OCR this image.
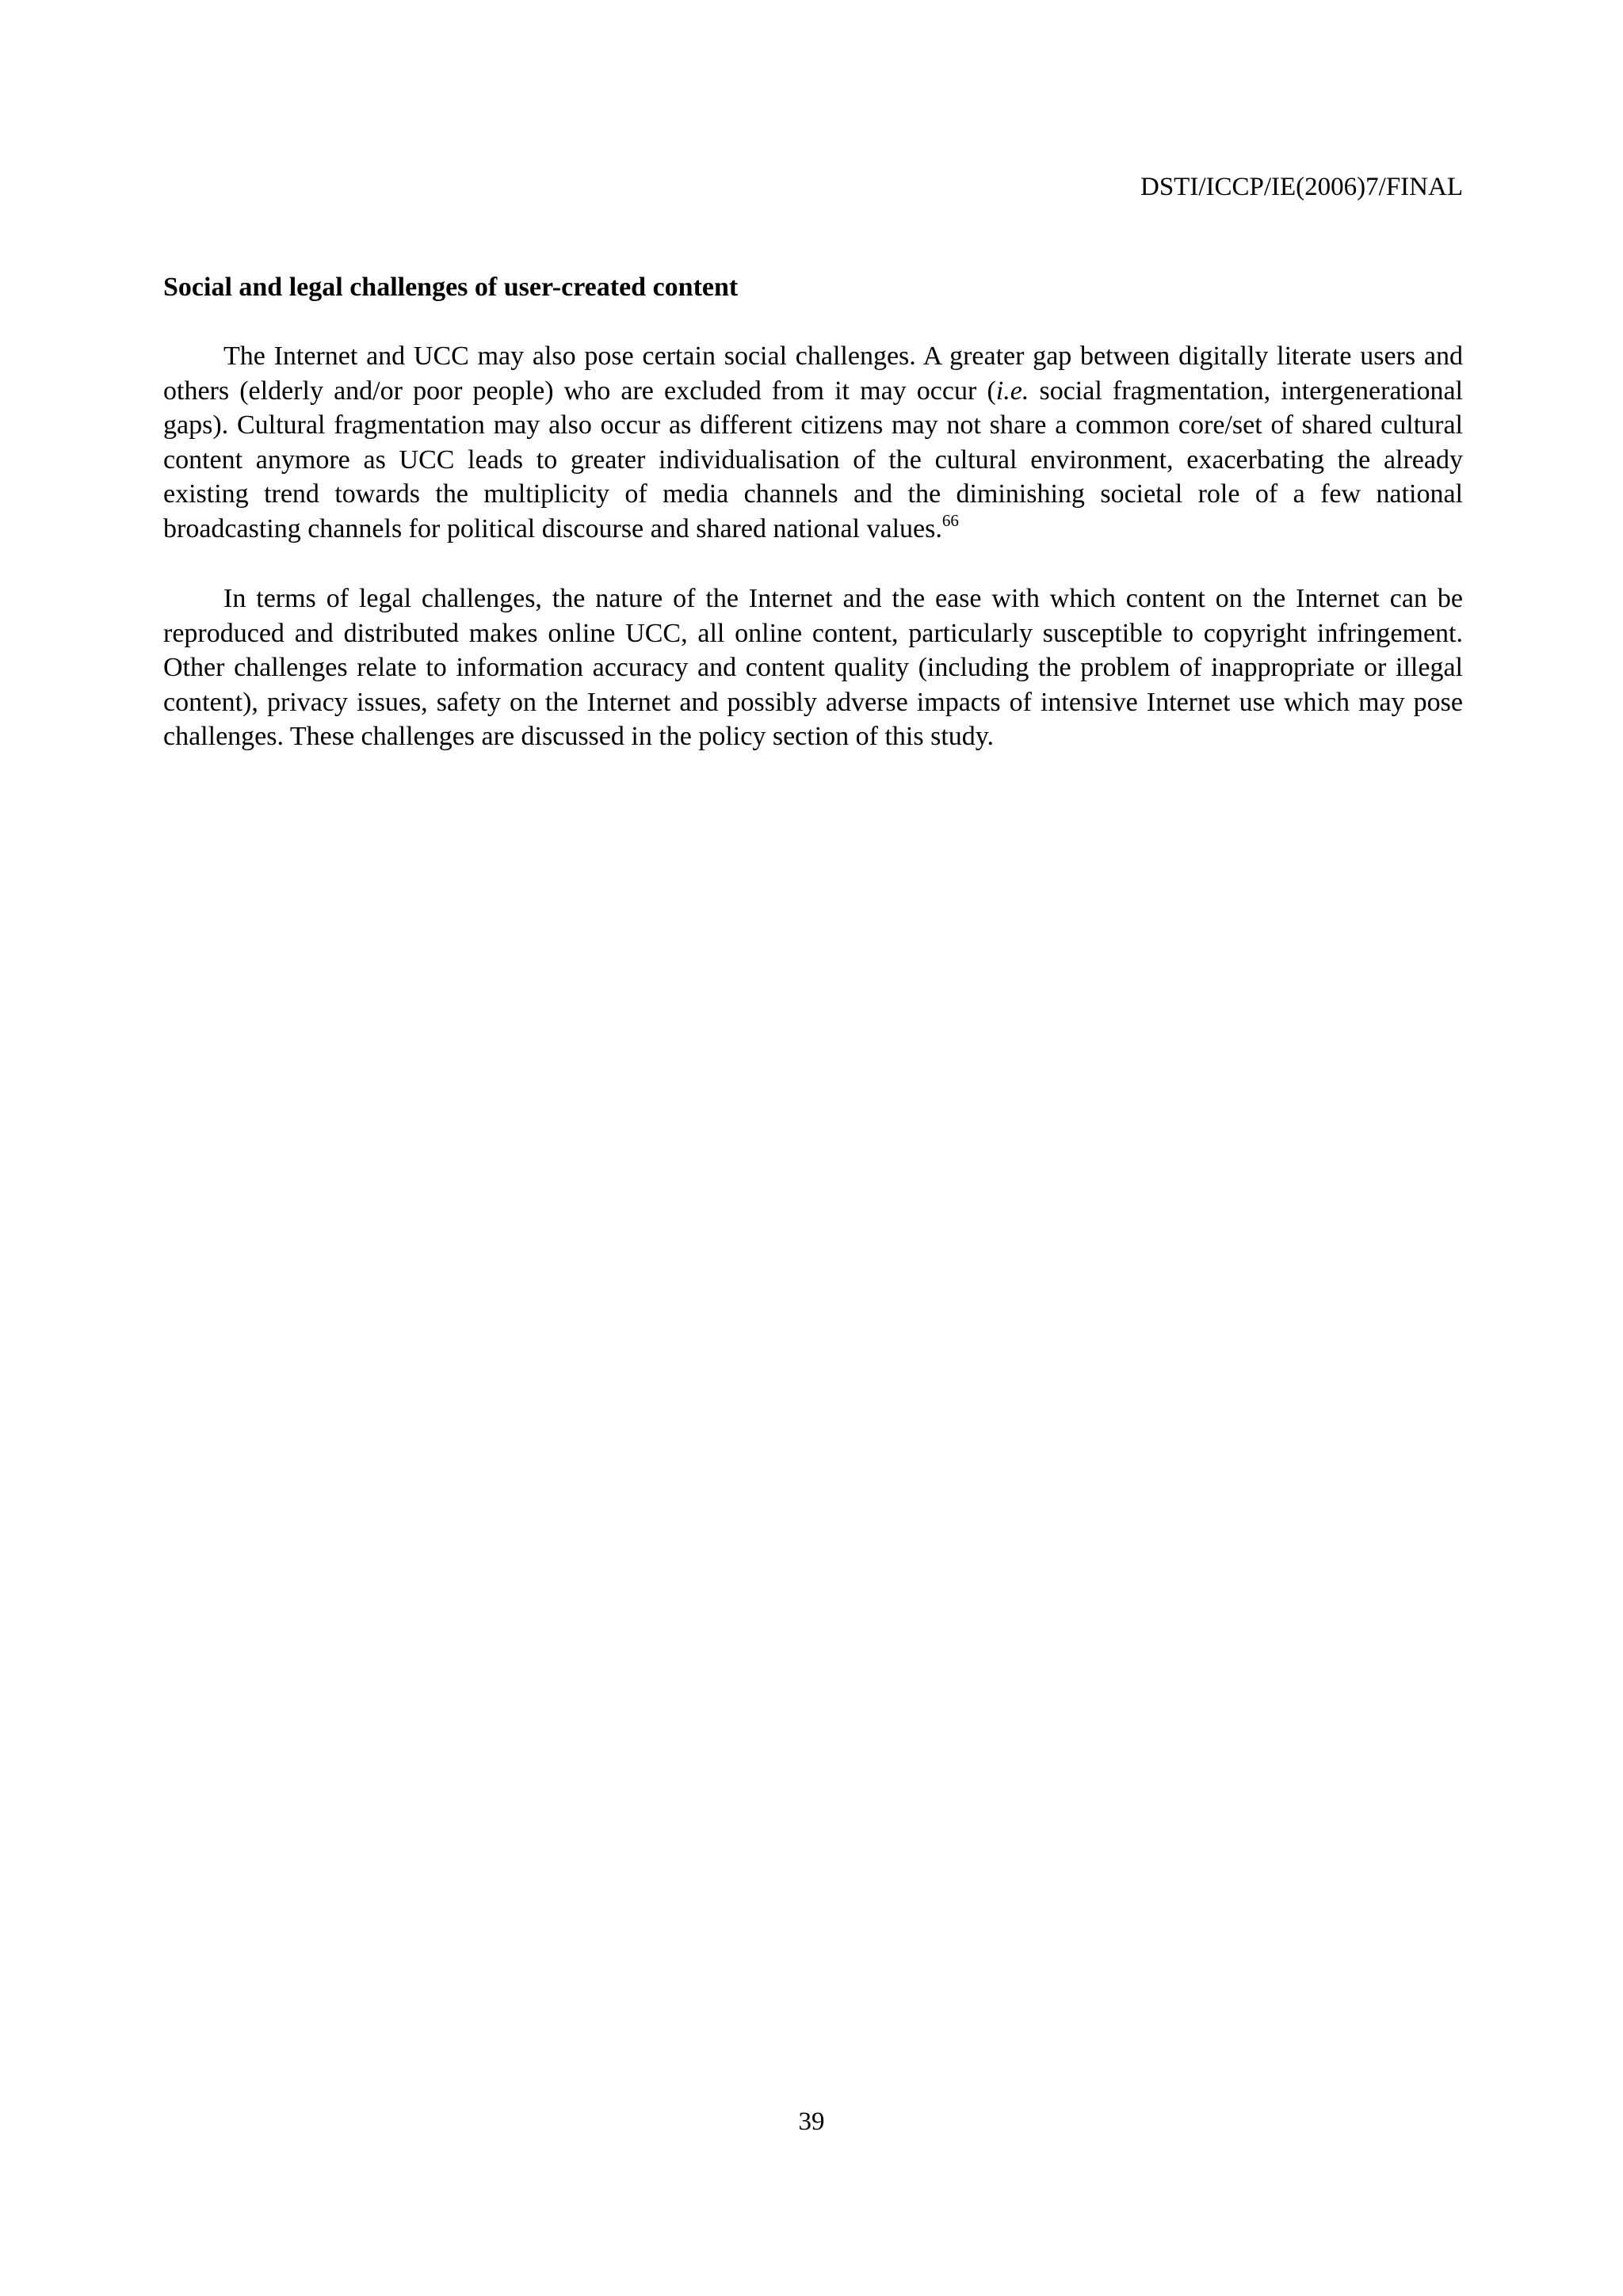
DSTI/ICCP/IE(2006)7/FINAL
Social and legal challenges of user-created content

The Internet and UCC may also pose certain social challenges. A greater gap between digitally literate users and others (elderly and/or poor people) who are excluded from it may occur (i.e. social fragmentation, intergenerational gaps). Cultural fragmentation may also occur as different citizens may not share a common core/set of shared cultural content anymore as UCC leads to greater individualisation of the cultural environment, exacerbating the already existing trend towards the multiplicity of media channels and the diminishing societal role of a few national broadcasting channels for political discourse and shared national values.$^{66}$

In terms of legal challenges, the nature of the Internet and the ease with which content on the Internet can be reproduced and distributed makes online UCC, all online content, particularly susceptible to copyright infringement. Other challenges relate to information accuracy and content quality (including the problem of inappropriate or illegal content), privacy issues, safety on the Internet and possibly adverse impacts of intensive Internet use which may pose challenges. These challenges are discussed in the policy section of this study.

39
